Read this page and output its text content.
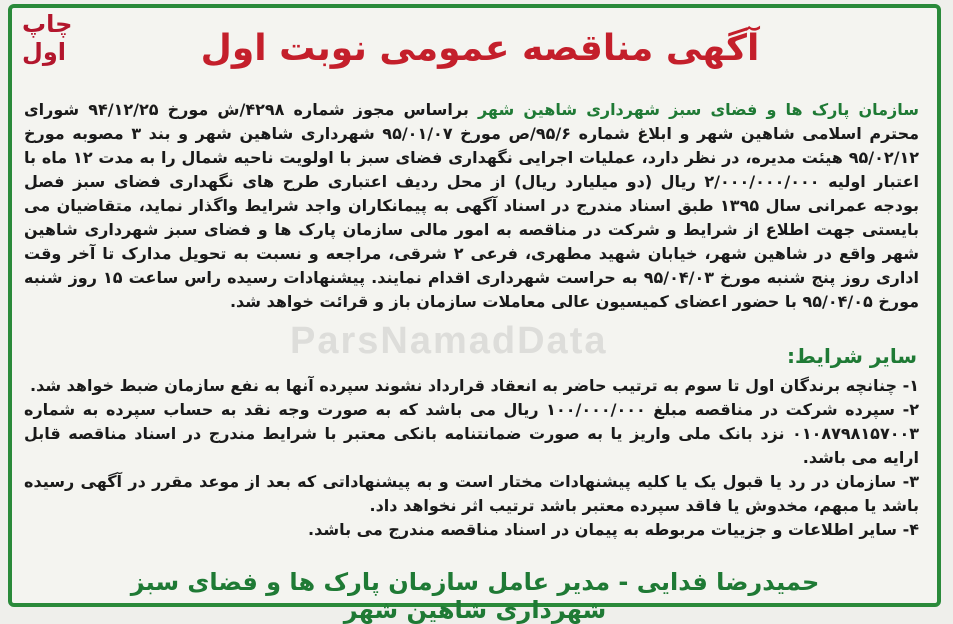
چاپ اول	آگهی مناقصه عمومی نوبت اول
سازمان پارک ها و فضای سبز شهرداری شاهین شهر براساس مجوز شماره ۴۲۹۸/ش مورخ ۹۴/۱۲/۲۵ شورای محترم اسلامی شاهین شهر و ابلاغ شماره ۹۵/۶/ص مورخ ۹۵/۰۱/۰۷ شهرداری شاهین شهر و بند ۳ مصوبه مورخ ۹۵/۰۲/۱۲ هیئت مدیره، در نظر دارد، عملیات اجرایی نگهداری فضای سبز با اولویت ناحیه شمال را به مدت ۱۲ ماه با اعتبار اولیه ۲/۰۰۰/۰۰۰/۰۰۰ ریال (دو میلیارد ریال) از محل ردیف اعتباری طرح های نگهداری فضای سبز فصل بودجه عمرانی سال ۱۳۹۵ طبق اسناد مندرج در اسناد آگهی به پیمانکاران واجد شرایط واگذار نماید، متقاضیان می بایستی جهت اطلاع از شرایط و شرکت در مناقصه به امور مالی سازمان پارک ها و فضای سبز شهرداری شاهین شهر واقع در شاهین شهر، خیابان شهید مطهری، فرعی ۲ شرقی، مراجعه و نسبت به تحویل مدارک تا آخر وقت اداری روز پنج شنبه مورخ ۹۵/۰۴/۰۳ به حراست شهرداری اقدام نمایند. پیشنهادات رسیده راس ساعت ۱۵ روز شنبه مورخ ۹۵/۰۴/۰۵ با حضور اعضای کمیسیون عالی معاملات سازمان باز و قرائت خواهد شد.
سایر شرایط:
۱- چنانچه برندگان اول تا سوم به ترتیب حاضر به انعقاد قرارداد نشوند سپرده آنها به نفع سازمان ضبط خواهد شد.
۲- سپرده شرکت در مناقصه مبلغ ۱۰۰/۰۰۰/۰۰۰ ریال می باشد که به صورت وجه نقد به حساب سپرده به شماره ۰۱۰۸۷۹۸۱۵۷۰۰۳ نزد بانک ملی واریز یا به صورت ضمانتنامه بانکی معتبر با شرایط مندرج در اسناد مناقصه قابل ارایه می باشد.
۳- سازمان در رد یا قبول یک یا کلیه پیشنهادات مختار است و به پیشنهاداتی که بعد از موعد مقرر در آگهی رسیده باشد یا مبهم، مخدوش یا فاقد سپرده معتبر باشد ترتیب اثر نخواهد داد.
۴- سایر اطلاعات و جزییات مربوطه به پیمان در اسناد مناقصه مندرج می باشد.
حمیدرضا فدایی - مدیر عامل سازمان پارک ها و فضای سبز شهرداری شاهین شهر
ParsNamadData
